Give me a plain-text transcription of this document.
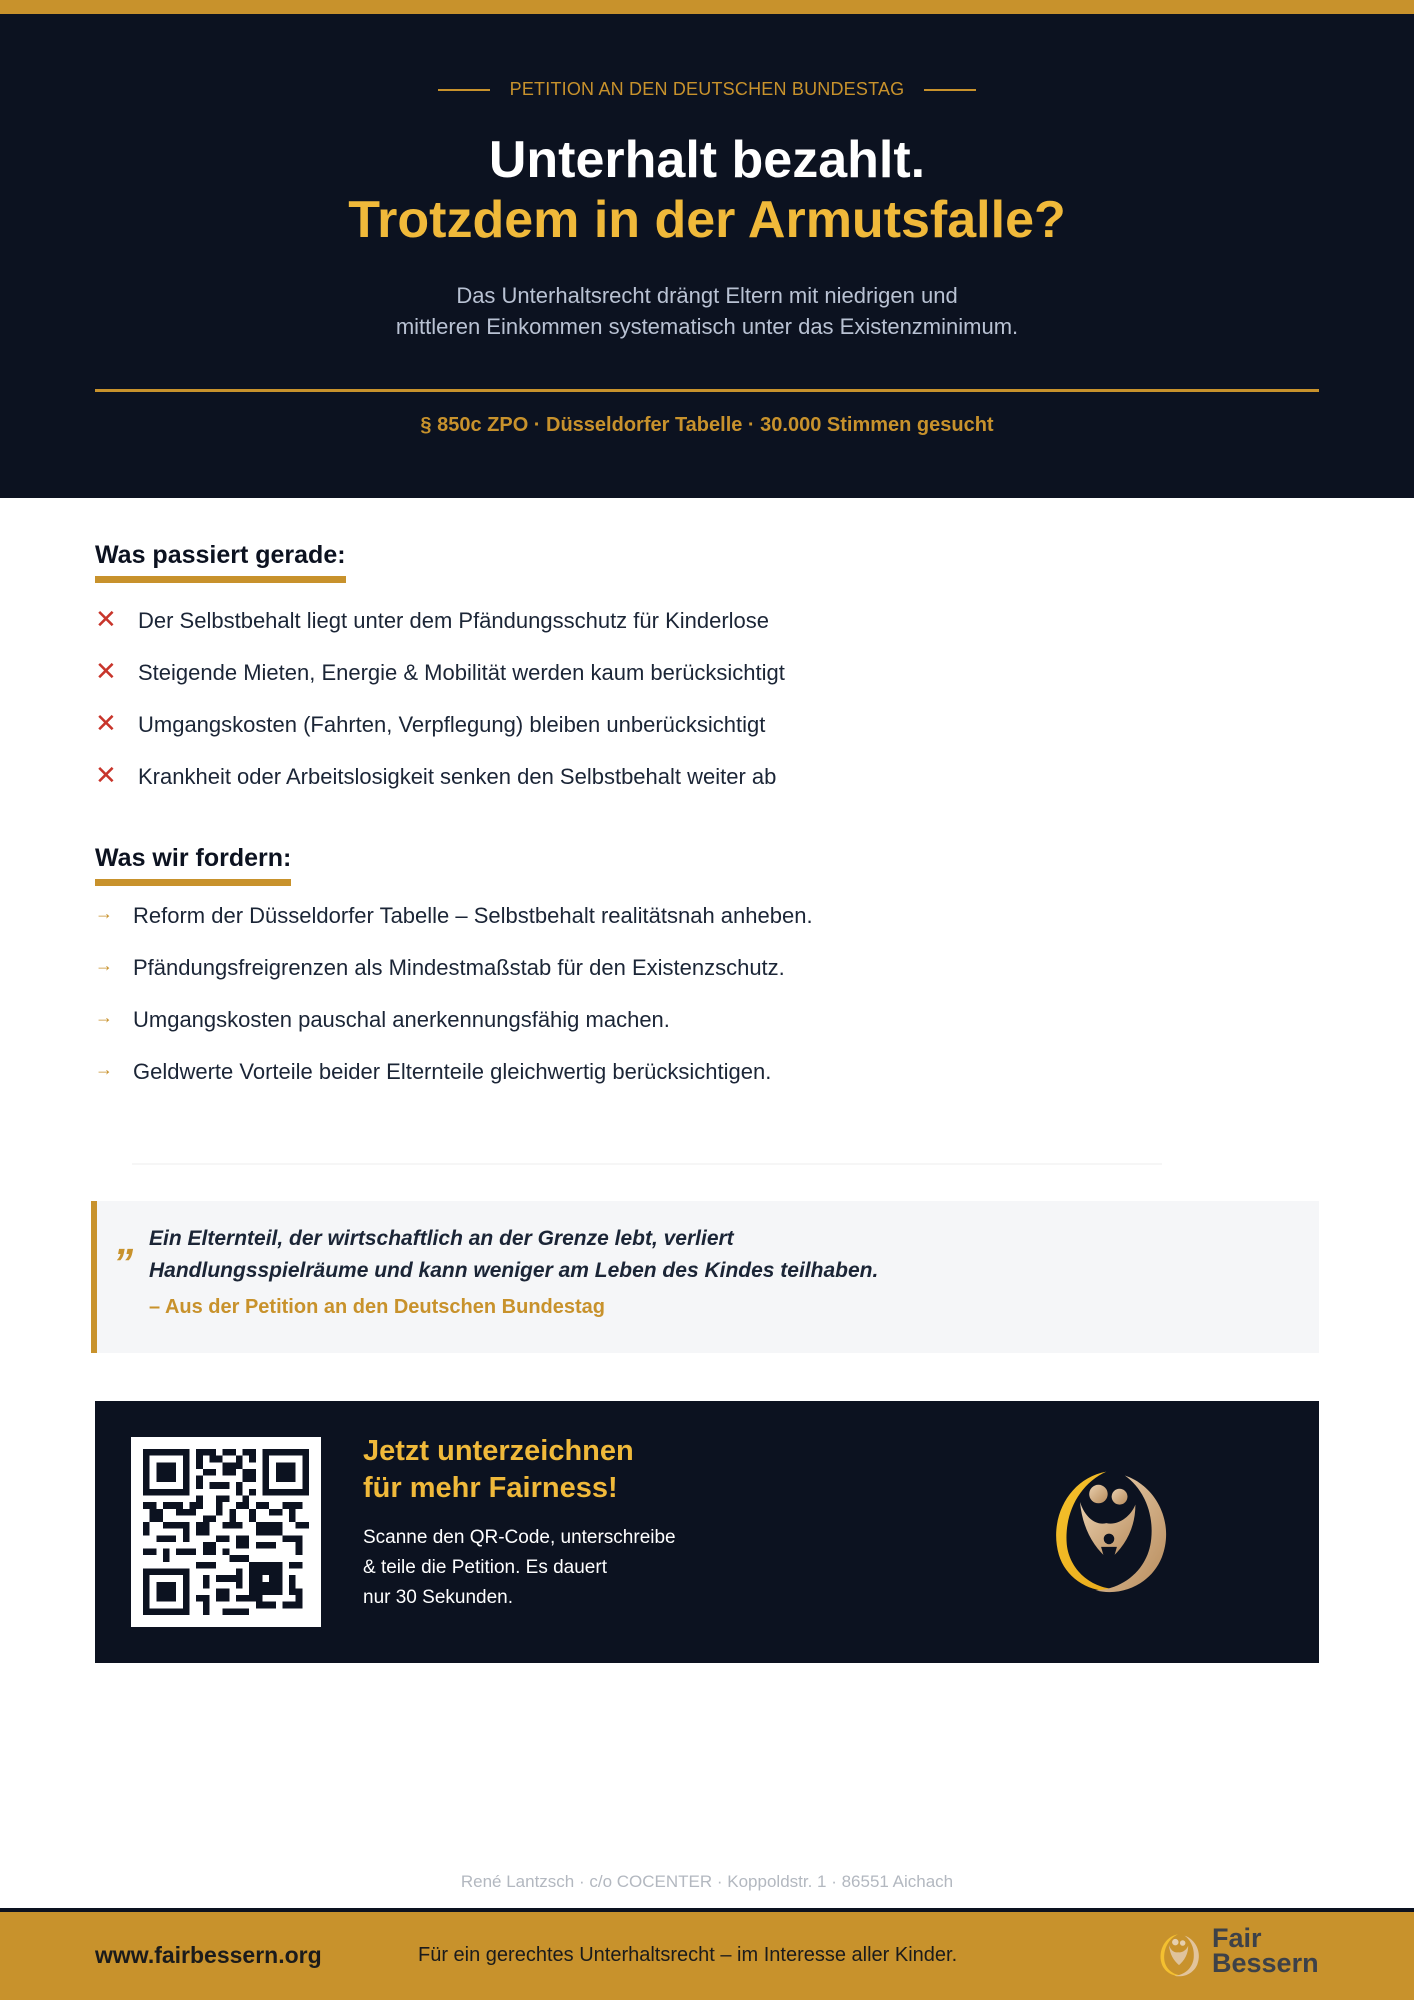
PETITION AN DEN DEUTSCHEN BUNDESTAG
Unterhalt bezahlt.
Trotzdem in der Armutsfalle?
Das Unterhaltsrecht drängt Eltern mit niedrigen und
mittleren Einkommen systematisch unter das Existenzminimum.
§ 850c ZPO · Düsseldorfer Tabelle · 30.000 Stimmen gesucht
Was passiert gerade:
✕ Der Selbstbehalt liegt unter dem Pfändungsschutz für Kinderlose
✕ Steigende Mieten, Energie & Mobilität werden kaum berücksichtigt
✕ Umgangskosten (Fahrten, Verpflegung) bleiben unberücksichtigt
✕ Krankheit oder Arbeitslosigkeit senken den Selbstbehalt weiter ab
Was wir fordern:
→ Reform der Düsseldorfer Tabelle – Selbstbehalt realitätsnah anheben.
→ Pfändungsfreigrenzen als Mindestmaßstab für den Existenzschutz.
→ Umgangskosten pauschal anerkennungsfähig machen.
→ Geldwerte Vorteile beider Elternteile gleichwertig berücksichtigen.
„ Ein Elternteil, der wirtschaftlich an der Grenze lebt, verliert
Handlungsspielräume und kann weniger am Leben des Kindes teilhaben.
– Aus der Petition an den Deutschen Bundestag
Jetzt unterzeichnen
für mehr Fairness!
Scanne den QR-Code, unterschreibe
& teile die Petition. Es dauert
nur 30 Sekunden.
René Lantzsch · c/o COCENTER · Koppoldstr. 1 · 86551 Aichach
www.fairbessern.org	Für ein gerechtes Unterhaltsrecht – im Interesse aller Kinder.
Fair
Bessern
